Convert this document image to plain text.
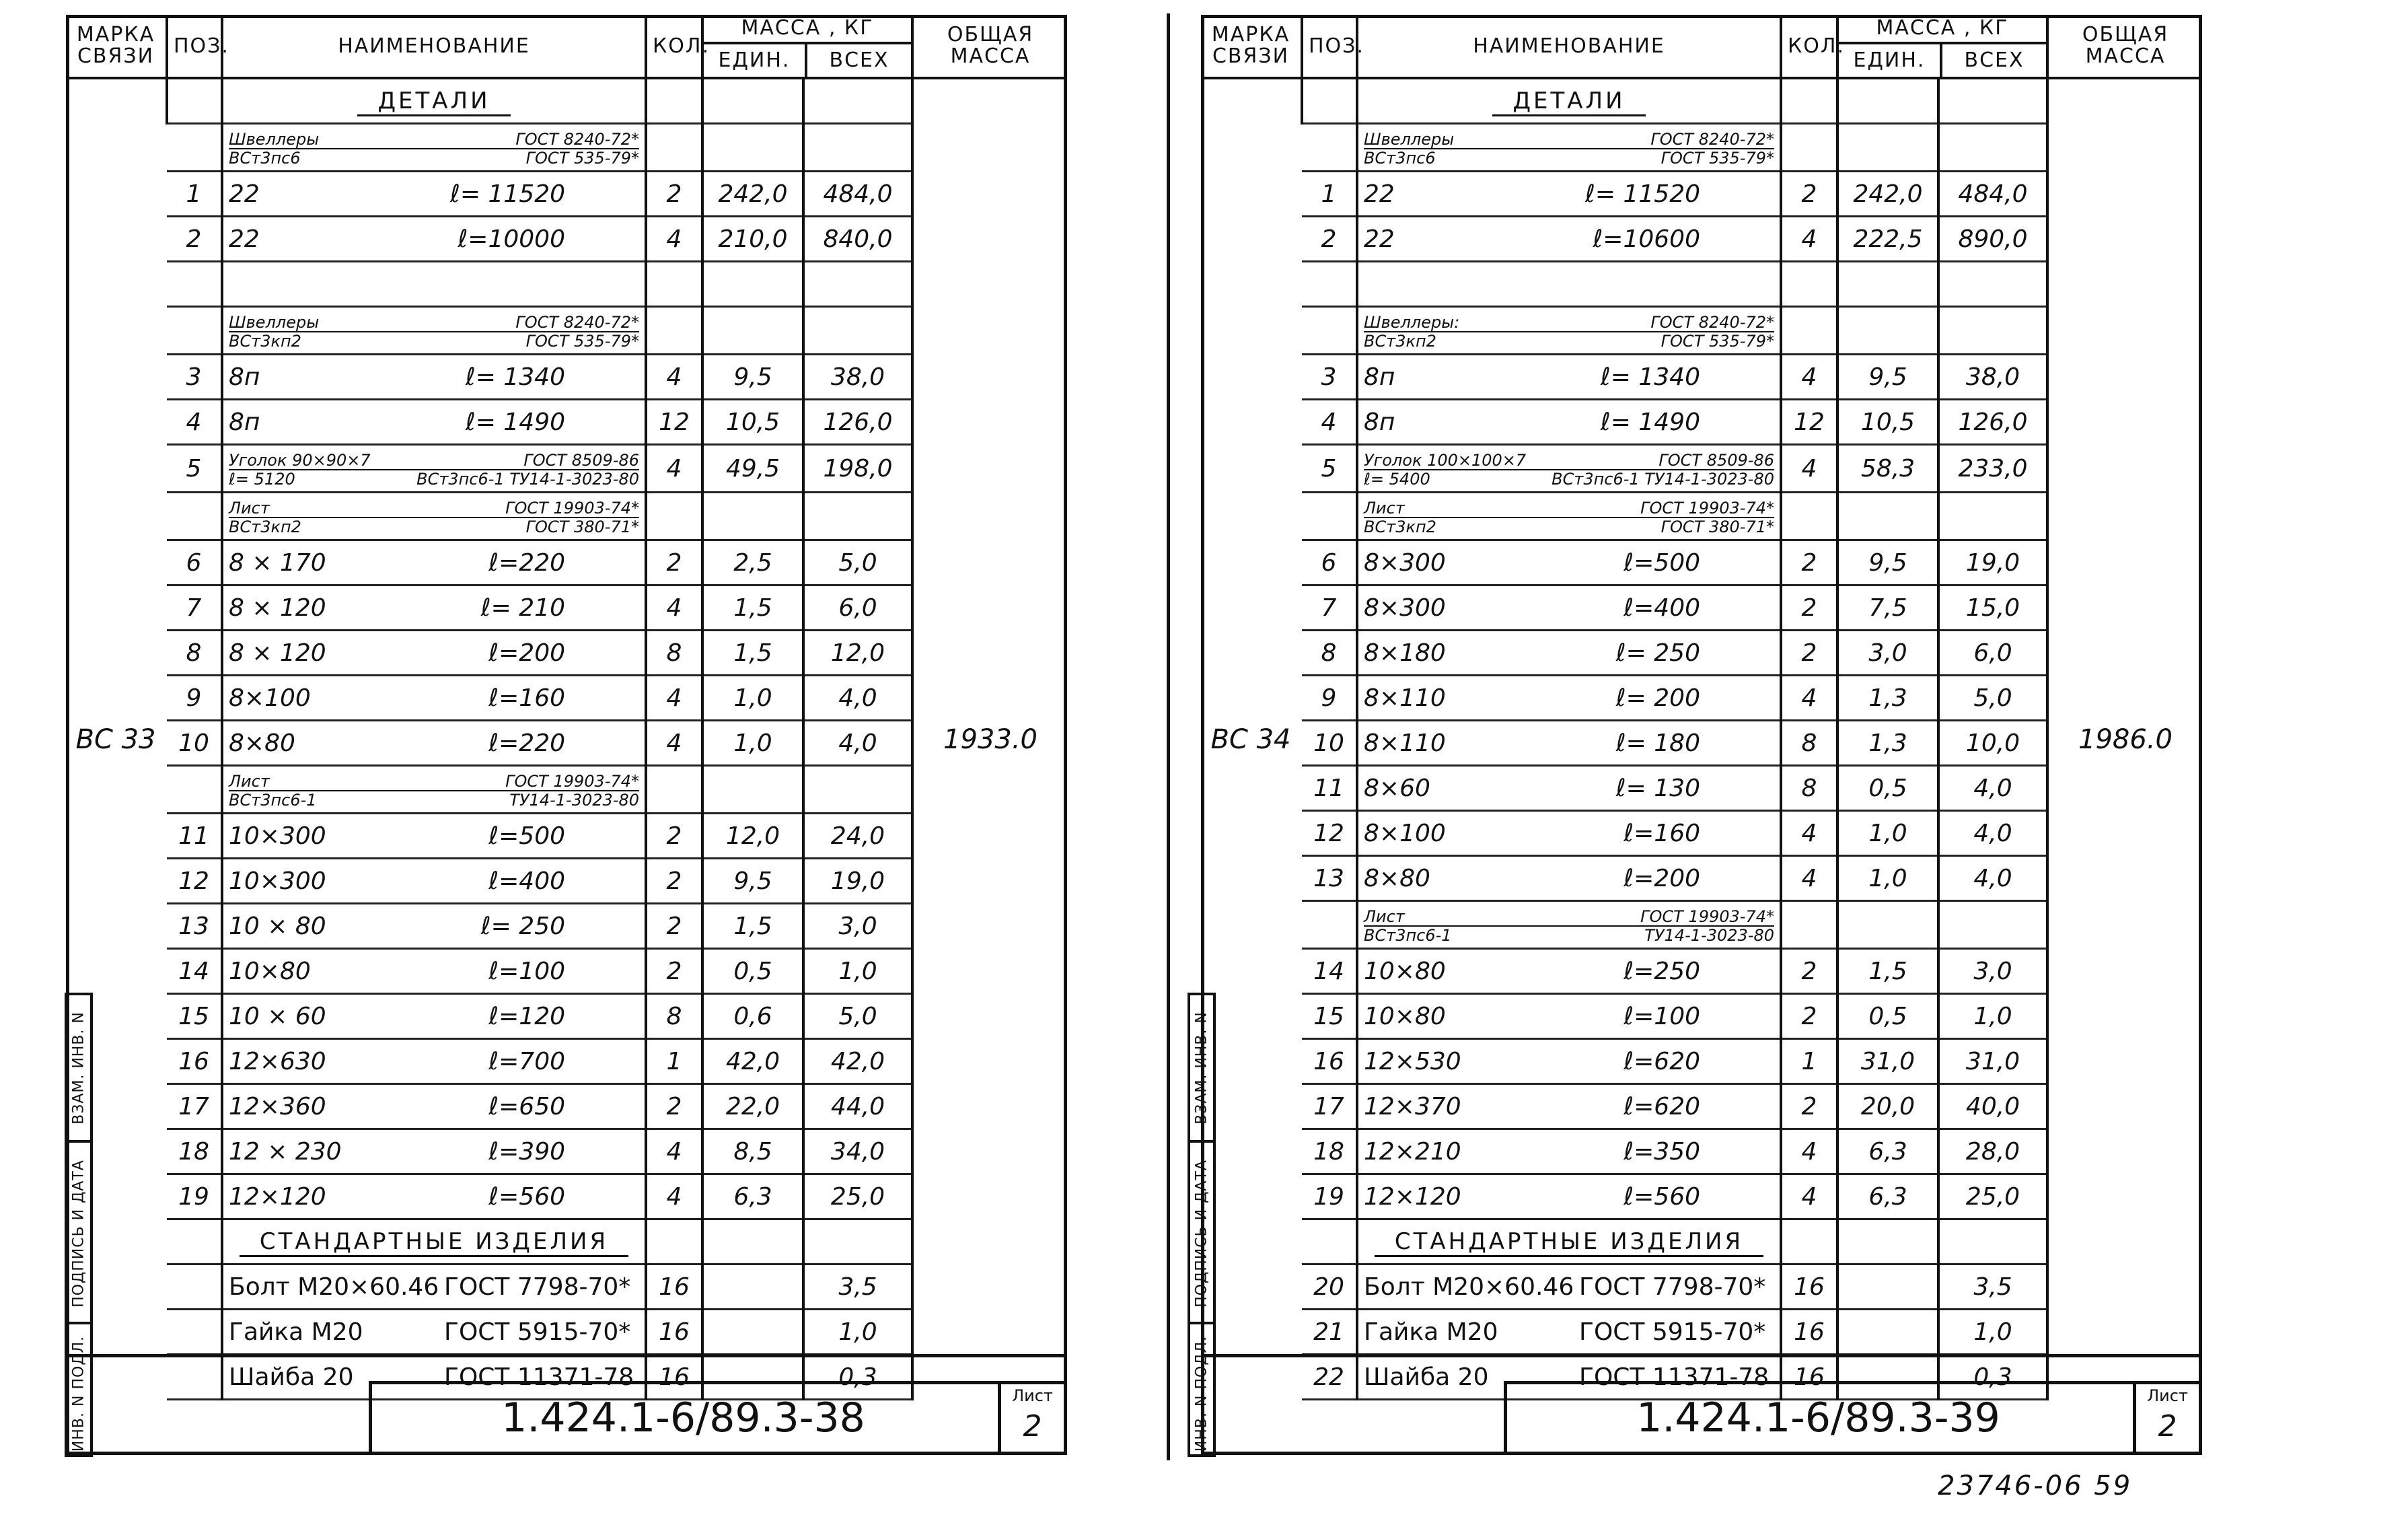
МАРКА СВЯЗИ	ПОЗ.	НАИМЕНОВАНИЕ	КОЛ.	МАССА , КГ
ЕДИН. ВСЕХ		ОБЩАЯ МАССА
ВС 33		ДЕТАЛИ				1933.0

		Швеллеры ГОСТ 8240-72*
ВСт3пс6 ГОСТ 535-79*				

	1	22 ℓ= 11520	2	242,0	484,0	
	2	22 ℓ=10000	4	210,0	840,0	

		Швеллеры ГОСТ 8240-72*
ВСт3кп2 ГОСТ 535-79*				

	3	8п ℓ= 1340	4	9,5	38,0	
	4	8п ℓ= 1490	12	10,5	126,0	
	5	Уголок 90×90×7 ГОСТ 8509-86
ℓ= 5120 ВСт3пс6-1 ТУ14-1-3023-80	4	49,5	198,0	

		Лист ГОСТ 19903-74*
ВСт3кп2 ГОСТ 380-71*				

	6	8 × 170 ℓ=220	2	2,5	5,0	
	7	8 × 120 ℓ= 210	4	1,5	6,0	
	8	8 × 120 ℓ=200	8	1,5	12,0	
	9	8×100 ℓ=160	4	1,0	4,0	
	10	8×80 ℓ=220	4	1,0	4,0	

		Лист ГОСТ 19903-74*
ВСт3пс6-1 ТУ14-1-3023-80				

	11	10×300 ℓ=500	2	12,0	24,0	
	12	10×300 ℓ=400	2	9,5	19,0	
	13	10 × 80 ℓ= 250	2	1,5	3,0	
	14	10×80 ℓ=100	2	0,5	1,0	
	15	10 × 60 ℓ=120	8	0,6	5,0	
	16	12×630 ℓ=700	1	42,0	42,0	
	17	12×360 ℓ=650	2	22,0	44,0	
	18	12 × 230 ℓ=390	4	8,5	34,0	
	19	12×120 ℓ=560	4	6,3	25,0	
		СТАНДАРТНЫЕ ИЗДЕЛИЯ				

		Болт М20×60.46 ГОСТ 7798-70*	16		3,5	

		Гайка М20 ГОСТ 5915-70*	16		1,0	

		Шайба 20 ГОСТ 11371-78	16		0,3	
1.424.1-6/89.3-38	Лист
2
ВЗАМ. ИНВ. N
ПОДПИСЬ И ДАТА
ИНВ. N ПОДЛ.
МАРКА СВЯЗИ	ПОЗ.	НАИМЕНОВАНИЕ	КОЛ.	МАССА , КГ
ЕДИН. ВСЕХ		ОБЩАЯ МАССА
ВС 34		ДЕТАЛИ				1986.0

		Швеллеры ГОСТ 8240-72*
ВСт3пс6 ГОСТ 535-79*				

	1	22 ℓ= 11520	2	242,0	484,0	
	2	22 ℓ=10600	4	222,5	890,0	

		Швеллеры: ГОСТ 8240-72*
ВСт3кп2 ГОСТ 535-79*				

	3	8п ℓ= 1340	4	9,5	38,0	
	4	8п ℓ= 1490	12	10,5	126,0	
	5	Уголок 100×100×7 ГОСТ 8509-86
ℓ= 5400 ВСт3пс6-1 ТУ14-1-3023-80	4	58,3	233,0	

		Лист ГОСТ 19903-74*
ВСт3кп2 ГОСТ 380-71*				

	6	8×300 ℓ=500	2	9,5	19,0	
	7	8×300 ℓ=400	2	7,5	15,0	
	8	8×180 ℓ= 250	2	3,0	6,0	
	9	8×110 ℓ= 200	4	1,3	5,0	
	10	8×110 ℓ= 180	8	1,3	10,0	
	11	8×60 ℓ= 130	8	0,5	4,0	
	12	8×100 ℓ=160	4	1,0	4,0	
	13	8×80 ℓ=200	4	1,0	4,0	

		Лист ГОСТ 19903-74*
ВСт3пс6-1 ТУ14-1-3023-80				

	14	10×80 ℓ=250	2	1,5	3,0	
	15	10×80 ℓ=100	2	0,5	1,0	
	16	12×530 ℓ=620	1	31,0	31,0	
	17	12×370 ℓ=620	2	20,0	40,0	
	18	12×210 ℓ=350	4	6,3	28,0	
	19	12×120 ℓ=560	4	6,3	25,0	
		СТАНДАРТНЫЕ ИЗДЕЛИЯ				
	20	Болт М20×60.46 ГОСТ 7798-70*	16		3,5	
	21	Гайка М20 ГОСТ 5915-70*	16		1,0	
	22	Шайба 20 ГОСТ 11371-78	16		0,3	
1.424.1-6/89.3-39	Лист
2
ВЗАМ. ИНВ. N
ПОДПИСЬ И ДАТА
ИНВ. N ПОДЛ.
23746-06 59
